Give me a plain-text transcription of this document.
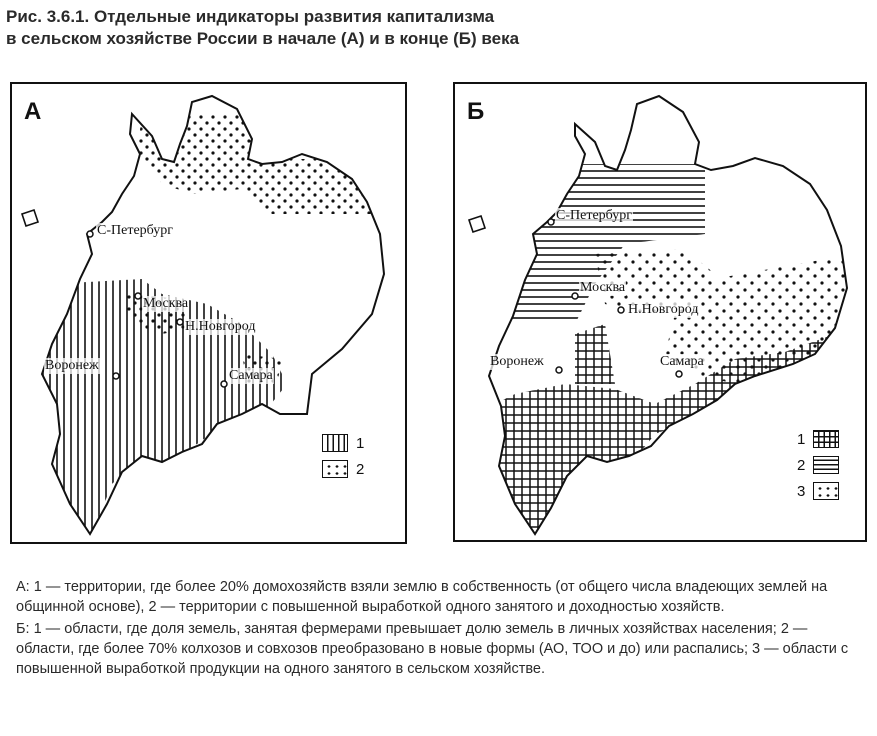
Рис. 3.6.1. Отдельные индикаторы развития капитализма
в сельском хозяйстве России в начале (А) и в конце (Б) века
А
С-Петербург
Москва
Н.Новгород
Воронеж
Самара
1
2
Б
С-Петербург
Москва
Н.Новгород
Воронеж	Самара
1
2
3

А: 1 — территории, где более 20% домохозяйств взяли землю в собственность (от общего числа владеющих землей на общинной основе), 2 — территории с повышенной выработкой одного занятого и доходностью хозяйств.

Б: 1 — области, где доля земель, занятая фермерами превышает долю земель в личных хозяйствах населения; 2 — области, где более 70% колхозов и совхозов преобразовано в новые формы (АО, ТОО и до) или распались; 3 — области с повышенной выработкой продукции на одного занятого в сельском хозяйстве.
